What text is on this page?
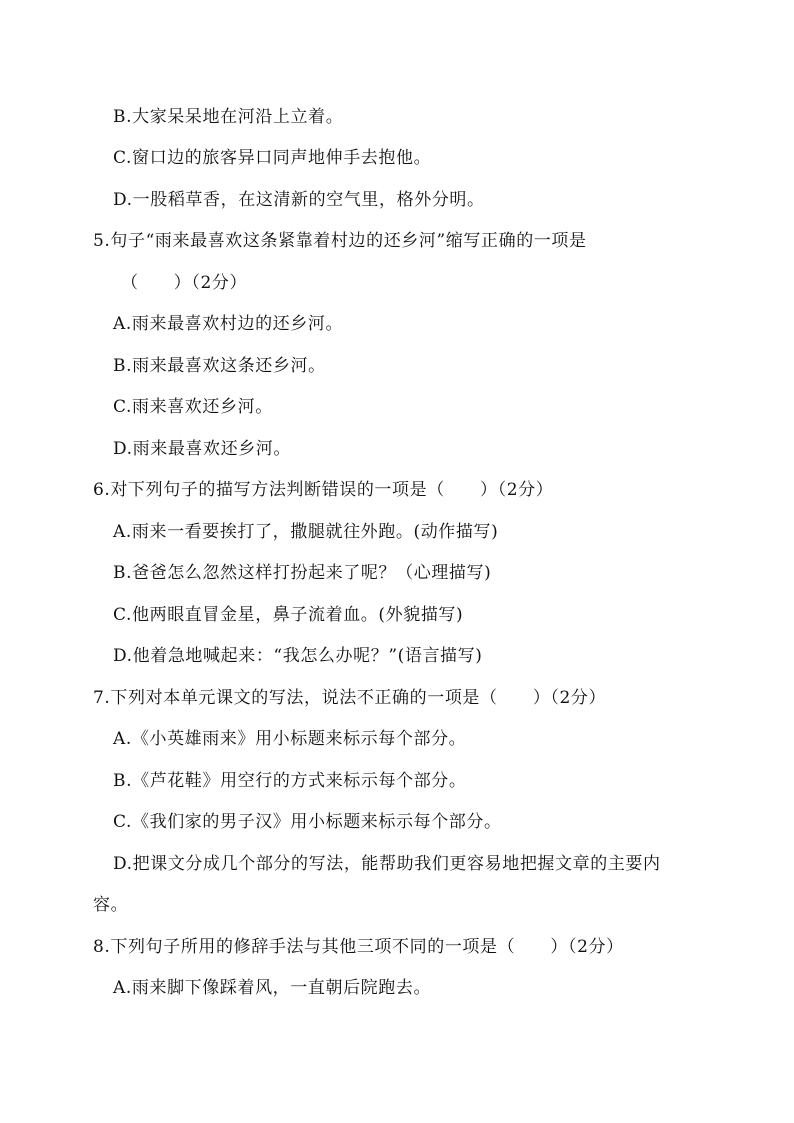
B.大家呆呆地在河沿上立着。
C.窗口边的旅客异口同声地伸手去抱他。
D.一股稻草香，在这清新的空气里，格外分明。
5.句子“雨来最喜欢这条紧靠着村边的还乡河”缩写正确的一项是
（　　）（2分）
A.雨来最喜欢村边的还乡河。
B.雨来最喜欢这条还乡河。
C.雨来喜欢还乡河。
D.雨来最喜欢还乡河。
6.对下列句子的描写方法判断错误的一项是（　　）（2分）
A.雨来一看要挨打了，撒腿就往外跑。(动作描写)
B.爸爸怎么忽然这样打扮起来了呢？（心理描写)
C.他两眼直冒金星，鼻子流着血。(外貌描写)
D.他着急地喊起来：“我怎么办呢？”(语言描写)
7.下列对本单元课文的写法，说法不正确的一项是（　　）（2分）
A.《小英雄雨来》用小标题来标示每个部分。
B.《芦花鞋》用空行的方式来标示每个部分。
C.《我们家的男子汉》用小标题来标示每个部分。
D.把课文分成几个部分的写法，能帮助我们更容易地把握文章的主要内
容。
8.下列句子所用的修辞手法与其他三项不同的一项是（　　）（2分）
A.雨来脚下像踩着风，一直朝后院跑去。
